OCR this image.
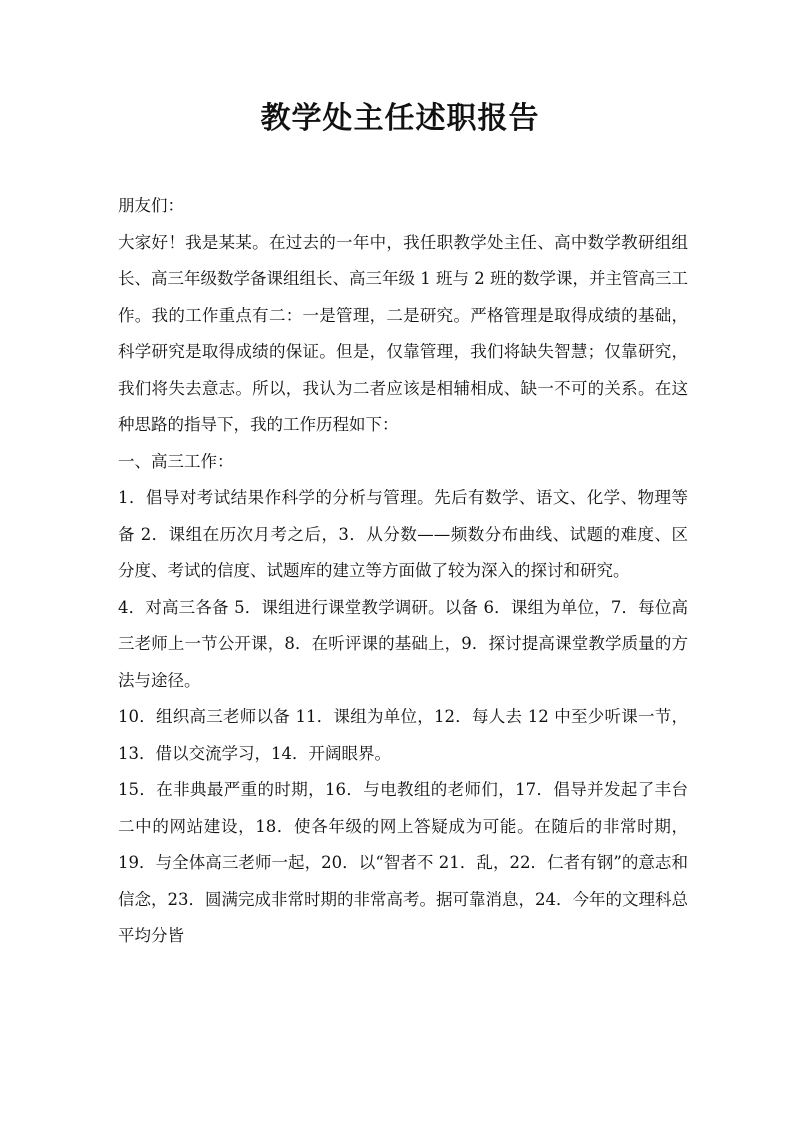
教学处主任述职报告

朋友们：

大家好！我是某某。在过去的一年中，我任职教学处主任、高中数学教研组组长、高三年级数学备课组组长、高三年级 1 班与 2 班的数学课，并主管高三工作。我的工作重点有二：一是管理，二是研究。严格管理是取得成绩的基础，科学研究是取得成绩的保证。但是，仅靠管理，我们将缺失智慧；仅靠研究，我们将失去意志。所以，我认为二者应该是相辅相成、缺一不可的关系。在这种思路的指导下，我的工作历程如下：

一、高三工作：

1．倡导对考试结果作科学的分析与管理。先后有数学、语文、化学、物理等备 2．课组在历次月考之后，3．从分数——频数分布曲线、试题的难度、区分度、考试的信度、试题库的建立等方面做了较为深入的探讨和研究。

4．对高三各备 5．课组进行课堂教学调研。以备 6．课组为单位，7．每位高三老师上一节公开课，8．在听评课的基础上，9．探讨提高课堂教学质量的方法与途径。

10．组织高三老师以备 11．课组为单位，12．每人去 12 中至少听课一节，13．借以交流学习，14．开阔眼界。

15．在非典最严重的时期，16．与电教组的老师们，17．倡导并发起了丰台二中的网站建设，18．使各年级的网上答疑成为可能。在随后的非常时期，19．与全体高三老师一起，20．以“智者不 21．乱，22．仁者有钢”的意志和信念，23．圆满完成非常时期的非常高考。据可靠消息，24．今年的文理科总平均分皆
